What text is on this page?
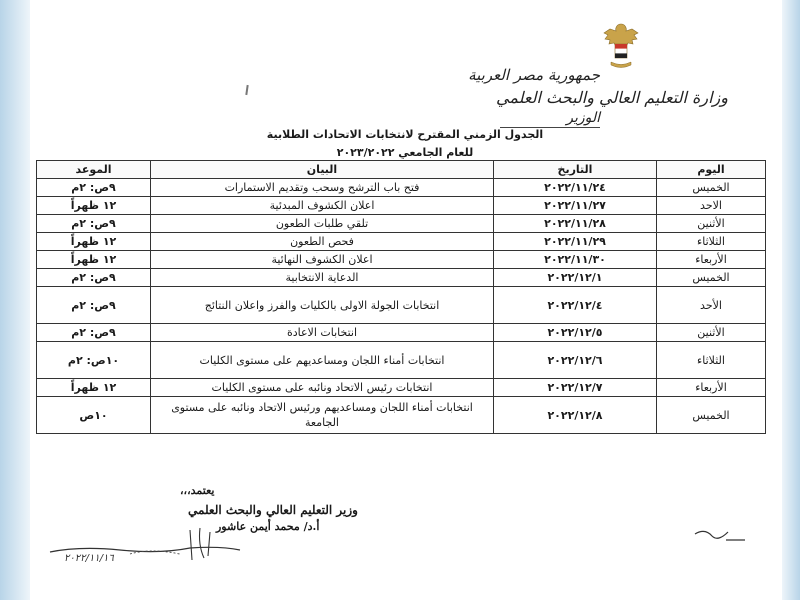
جمهورية مصر العربية
وزارة التعليم العالي والبحث العلمي
الوزير
الجدول الزمني المقترح لانتخابات الاتحادات الطلابية
للعام الجامعي ٢٠٢٣/٢٠٢٢
اليوم	التاريخ	البيان	الموعد
الخميس	٢٠٢٢/١١/٢٤	فتح باب الترشح وسحب وتقديم الاستمارات	٩ص: ٢م
الاحد	٢٠٢٢/١١/٢٧	اعلان الكشوف المبدئية	١٢ ظهراً
الأثنين	٢٠٢٢/١١/٢٨	تلقي طلبات الطعون	٩ص: ٢م
الثلاثاء	٢٠٢٢/١١/٢٩	فحص الطعون	١٢ ظهراً
الأربعاء	٢٠٢٢/١١/٣٠	اعلان الكشوف النهائية	١٢ ظهراً
الخميس	٢٠٢٢/١٢/١	الدعاية الانتخابية	٩ص: ٢م
الأحد	٢٠٢٢/١٢/٤	انتخابات الجولة الاولى بالكليات والفرز واعلان النتائج	٩ص: ٢م
الأثنين	٢٠٢٢/١٢/٥	انتخابات الاعادة	٩ص: ٢م
الثلاثاء	٢٠٢٢/١٢/٦	انتخابات أمناء اللجان ومساعديهم على مستوى الكليات	١٠ص: ٢م
الأربعاء	٢٠٢٢/١٢/٧	انتخابات رئيس الاتحاد ونائبه على مستوى الكليات	١٢ ظهراً
الخميس	٢٠٢٢/١٢/٨	انتخابات أمناء اللجان ومساعديهم ورئيس الاتحاد ونائبه على مستوى الجامعة	١٠ص
يعتمد،،،
وزير التعليم العالي والبحث العلمي
أ.د/ محمد أيمن عاشور
٢٠٢٢/١١/١٦
